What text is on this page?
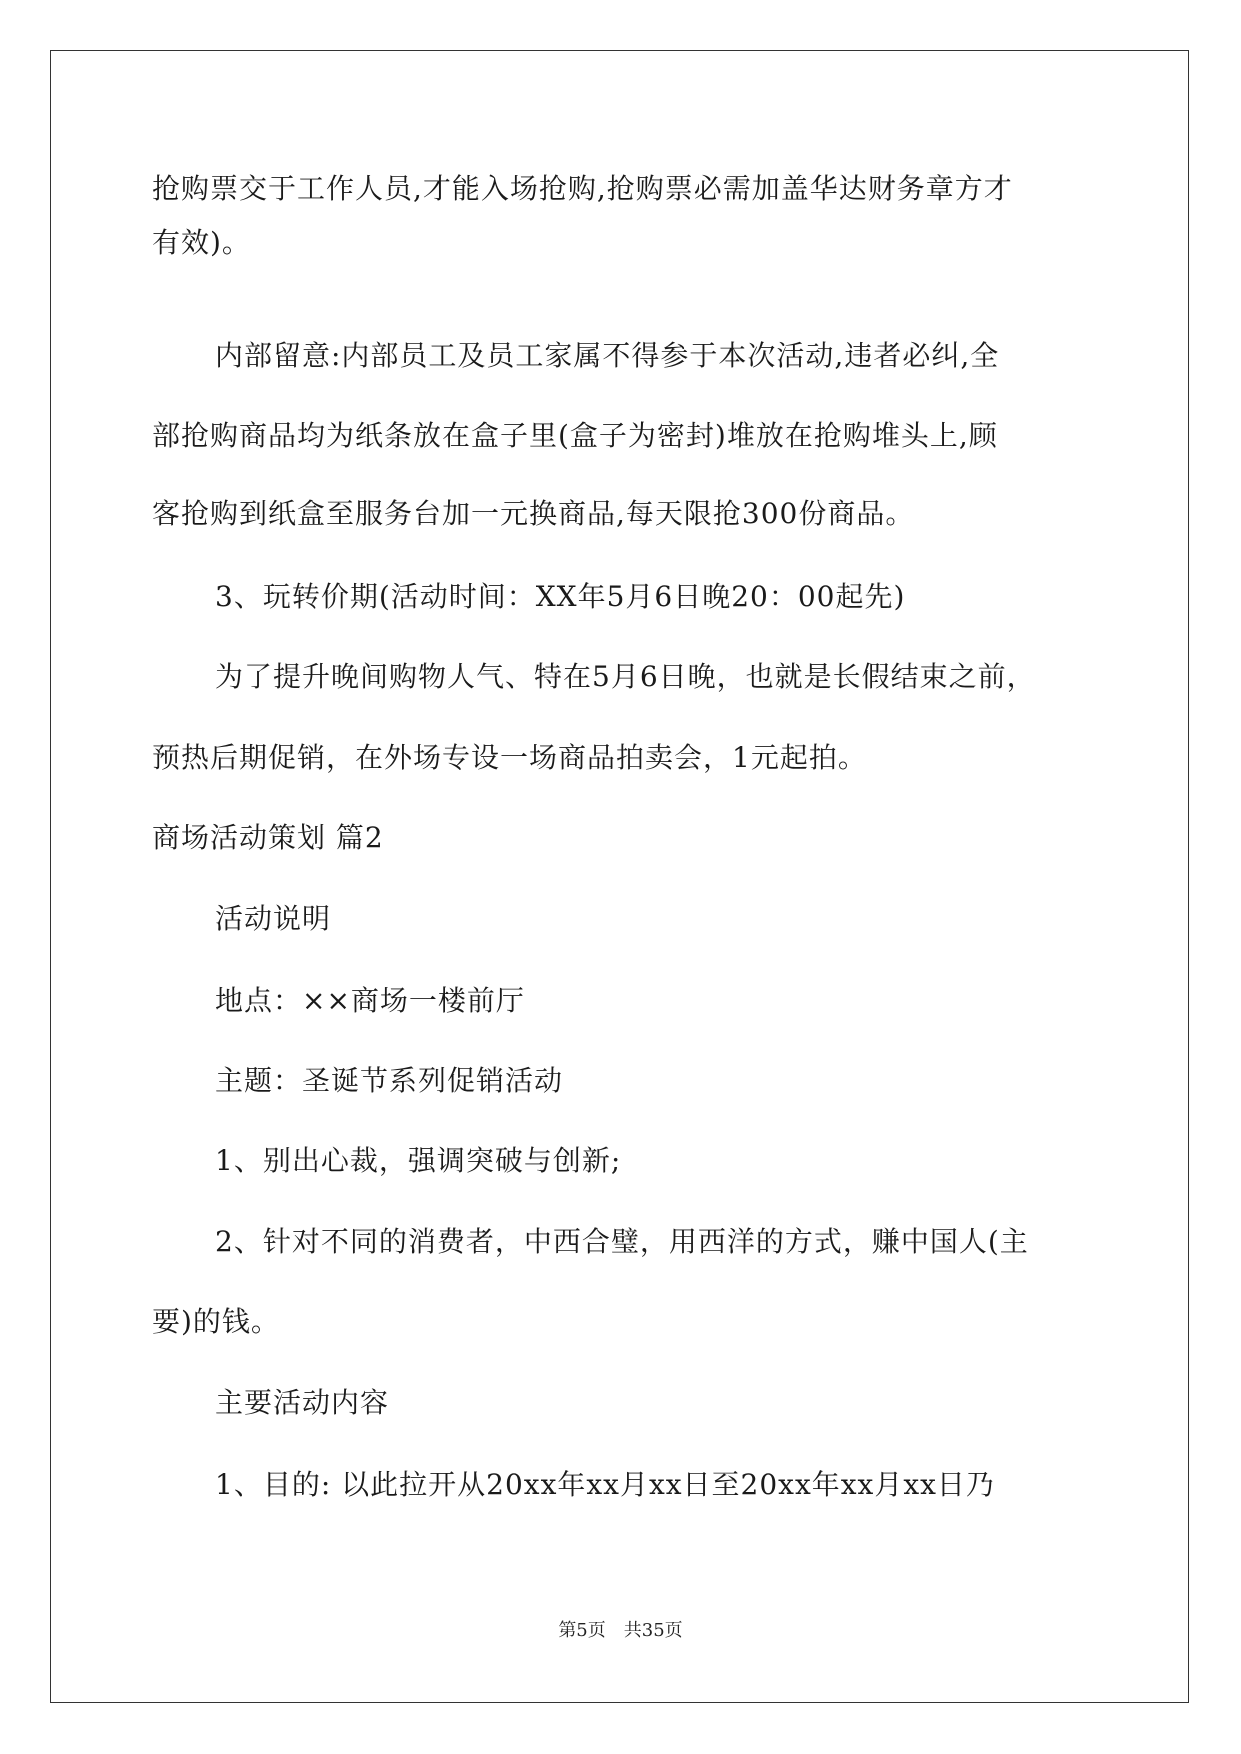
抢购票交于工作人员,才能入场抢购,抢购票必需加盖华达财务章方才
有效)。
内部留意:内部员工及员工家属不得参于本次活动,违者必纠,全
部抢购商品均为纸条放在盒子里(盒子为密封)堆放在抢购堆头上,顾
客抢购到纸盒至服务台加一元换商品,每天限抢300份商品。
3、玩转价期(活动时间：XX年5月6日晚20：00起先)
为了提升晚间购物人气、特在5月6日晚，也就是长假结束之前，
预热后期促销，在外场专设一场商品拍卖会，1元起拍。
商场活动策划 篇2
活动说明
地点：××商场一楼前厅
主题：圣诞节系列促销活动
1、别出心裁，强调突破与创新;
2、针对不同的消费者，中西合璧，用西洋的方式，赚中国人(主
要)的钱。
主要活动内容
1、目的: 以此拉开从20xx年xx月xx日至20xx年xx月xx日乃
第5页 共35页
